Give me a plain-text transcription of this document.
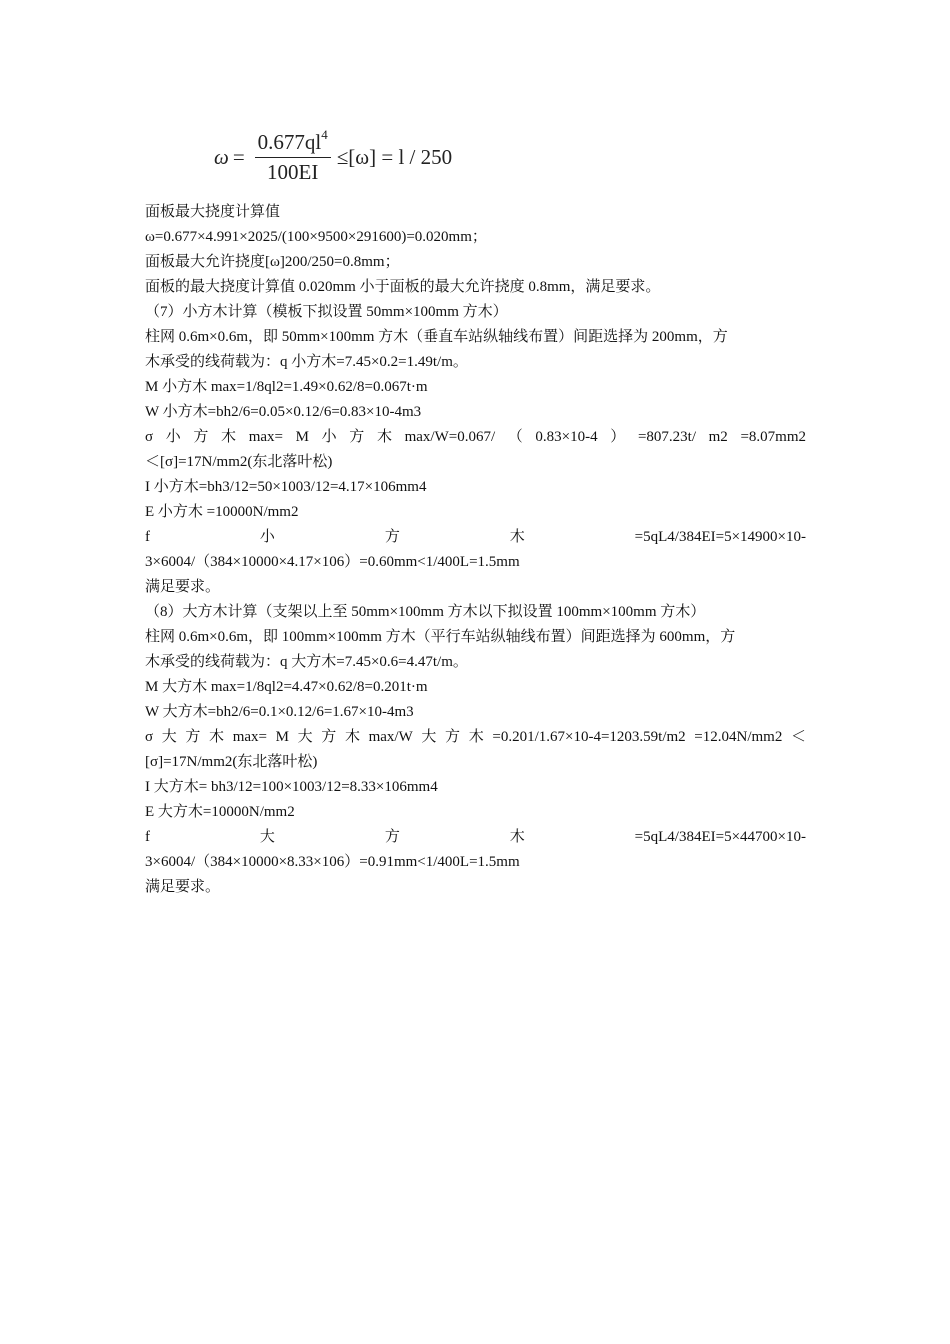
$\omega = \frac{0.677ql^4}{100EI} \le[\omega] = l / 250$
面板最大挠度计算值
ω=0.677×4.991×2025/(100×9500×291600)=0.020mm；
面板最大允许挠度[ω]200/250=0.8mm；
面板的最大挠度计算值 0.020mm 小于面板的最大允许挠度 0.8mm，满足要求。
（7）小方木计算（模板下拟设置 50mm×100mm 方木）
柱网 0.6m×0.6m，即 50mm×100mm 方木（垂直车站纵轴线布置）间距选择为 200mm，方
木承受的线荷载为：q 小方木=7.45×0.2=1.49t/m。
M 小方木 max=1/8ql2=1.49×0.62/8=0.067t·m
W 小方木=bh2/6=0.05×0.12/6=0.83×10-4m3
σ 小 方 木 max= M 小 方 木 max/W=0.067/ （ 0.83×10-4 ） =807.23t/ m2 =8.07mm2
＜[σ]=17N/mm2(东北落叶松)
I 小方木=bh3/12=50×1003/12=4.17×106mm4
E 小方木 =10000N/mm2
f	小	方	木	=5qL4/384EI=5×14900×10-
3×6004/（384×10000×4.17×106）=0.60mm<1/400L=1.5mm
满足要求。
（8）大方木计算（支架以上至 50mm×100mm 方木以下拟设置 100mm×100mm 方木）
柱网 0.6m×0.6m，即 100mm×100mm 方木（平行车站纵轴线布置）间距选择为 600mm，方
木承受的线荷载为：q 大方木=7.45×0.6=4.47t/m。
M 大方木 max=1/8ql2=4.47×0.62/8=0.201t·m
W 大方木=bh2/6=0.1×0.12/6=1.67×10-4m3
σ 大 方 木 max= M 大 方 木 max/W 大 方 木 =0.201/1.67×10-4=1203.59t/m2 =12.04N/mm2 ＜
[σ]=17N/mm2(东北落叶松)
I 大方木= bh3/12=100×1003/12=8.33×106mm4
E 大方木=10000N/mm2
f	大	方	木	=5qL4/384EI=5×44700×10-
3×6004/（384×10000×8.33×106）=0.91mm<1/400L=1.5mm
满足要求。
